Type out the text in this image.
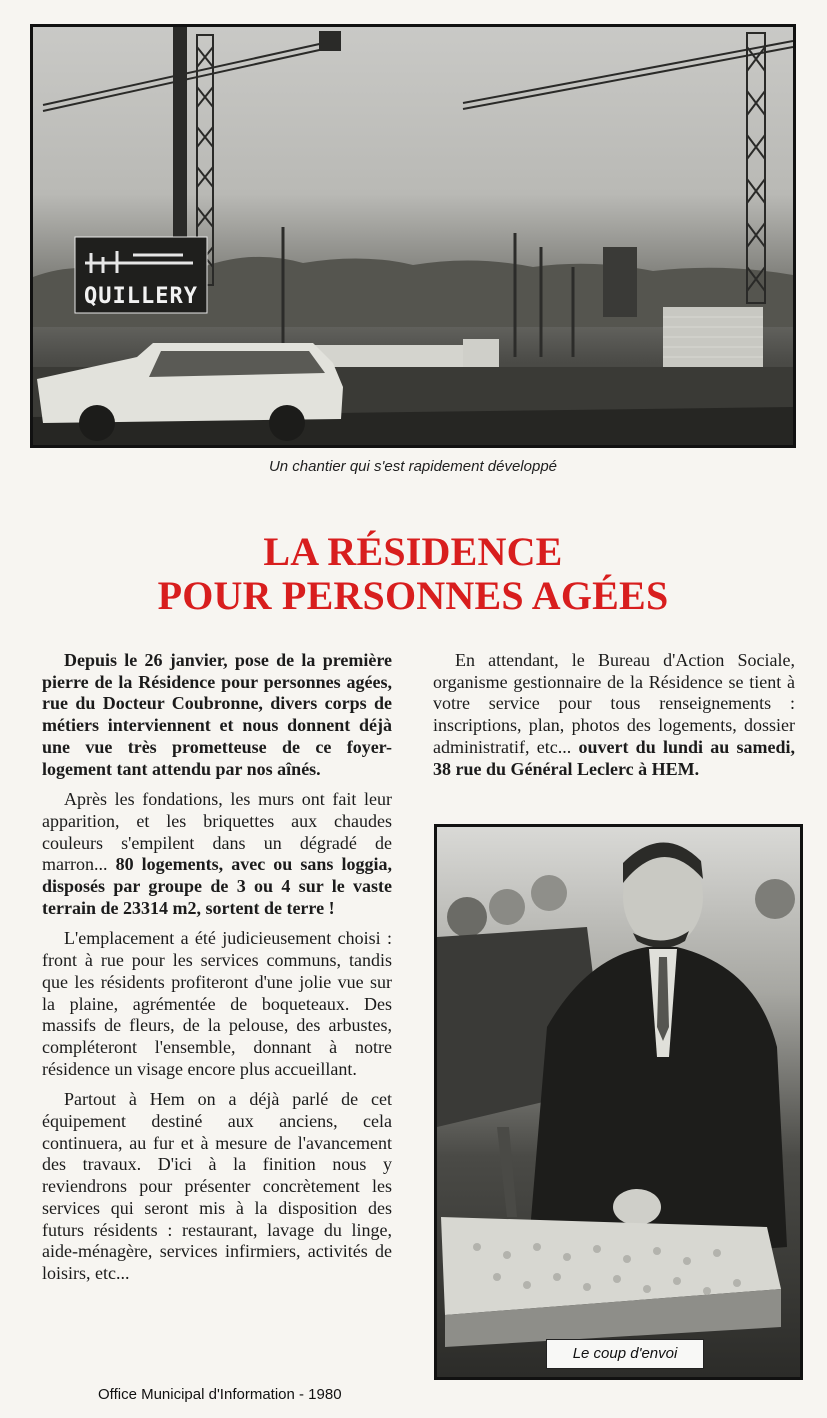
QUILLERY
Un chantier qui s'est rapidement développé
LA RÉSIDENCE
POUR PERSONNES AGÉES

Depuis le 26 janvier, pose de la première pierre de la Résidence pour personnes agées, rue du Docteur Coubronne, divers corps de métiers interviennent et nous donnent déjà une vue très prometteuse de ce foyer-logement tant attendu par nos aînés.

Après les fondations, les murs ont fait leur apparition, et les briquettes aux chaudes couleurs s'empilent dans un dégradé de marron... 80 logements, avec ou sans loggia, disposés par groupe de 3 ou 4 sur le vaste terrain de 23314 m2, sortent de terre !

L'emplacement a été judicieusement choisi : front à rue pour les services communs, tandis que les résidents profiteront d'une jolie vue sur la plaine, agrémentée de boqueteaux. Des massifs de fleurs, de la pelouse, des arbustes, compléteront l'ensemble, donnant à notre résidence un visage encore plus accueillant.

Partout à Hem on a déjà parlé de cet équipement destiné aux anciens, cela continuera, au fur et à mesure de l'avancement des travaux. D'ici à la finition nous y reviendrons pour présenter concrètement les services qui seront mis à la disposition des futurs résidents : restaurant, lavage du linge, aide-ménagère, services infirmiers, activités de loisirs, etc...

En attendant, le Bureau d'Action Sociale, organisme gestionnaire de la Résidence se tient à votre service pour tous renseignements : inscriptions, plan, photos des logements, dossier administratif, etc... ouvert du lundi au samedi, 38 rue du Général Leclerc à HEM.

Le coup d'envoi
Office Municipal d'Information - 1980
